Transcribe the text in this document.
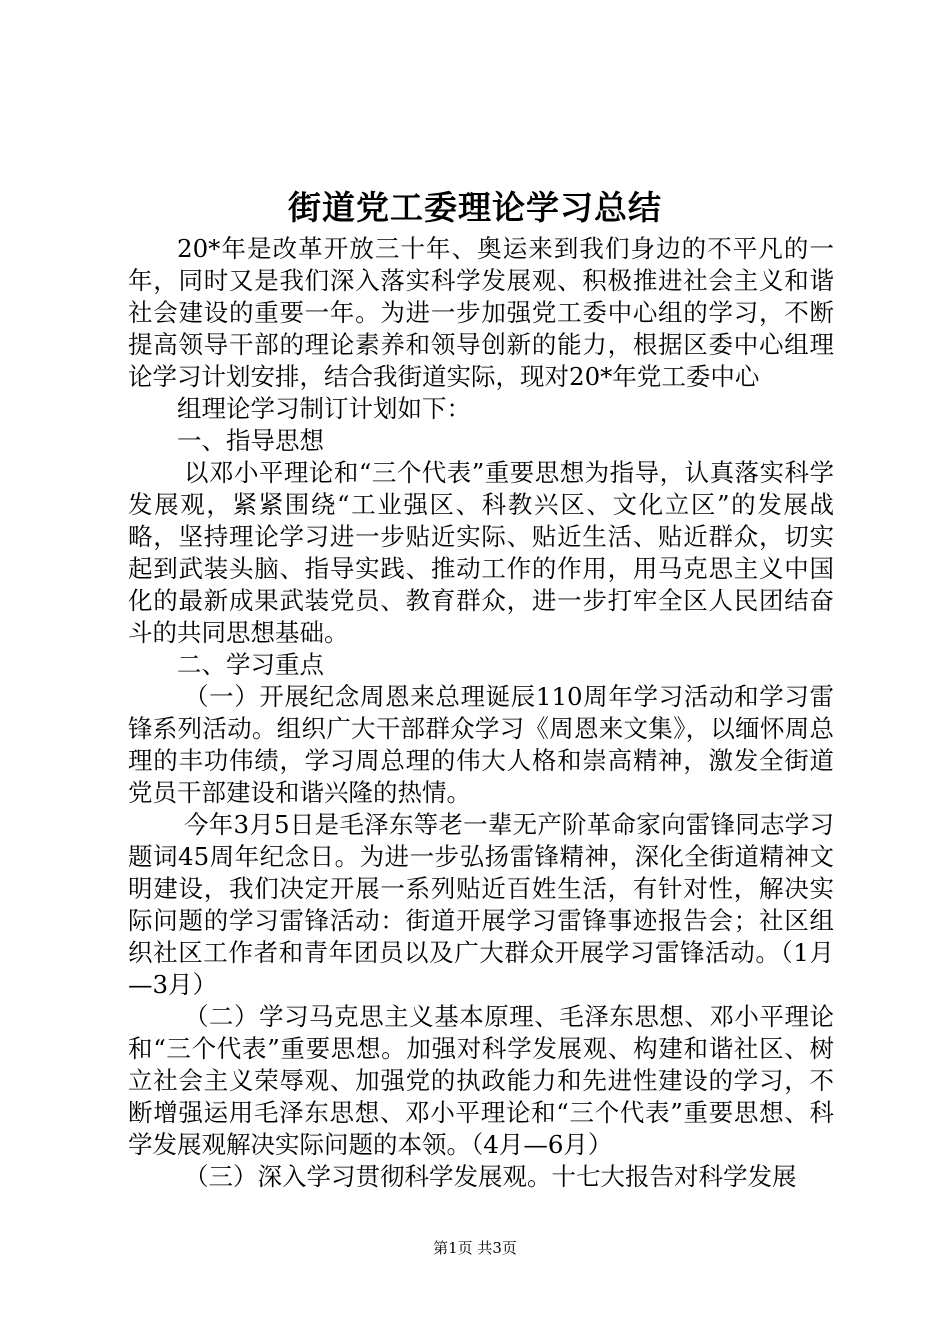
街道党工委理论学习总结

20*年是改革开放三十年、奥运来到我们身边的不平凡的一年，同时又是我们深入落实科学发展观、积极推进社会主义和谐社会建设的重要一年。为进一步加强党工委中心组的学习，不断提高领导干部的理论素养和领导创新的能力，根据区委中心组理论学习计划安排，结合我街道实际，现对20*年党工委中心

组理论学习制订计划如下：

一、指导思想

以邓小平理论和“三个代表”重要思想为指导，认真落实科学发展观，紧紧围绕“工业强区、科教兴区、文化立区”的发展战略，坚持理论学习进一步贴近实际、贴近生活、贴近群众，切实起到武装头脑、指导实践、推动工作的作用，用马克思主义中国化的最新成果武装党员、教育群众，进一步打牢全区人民团结奋斗的共同思想基础。

二、学习重点

（一）开展纪念周恩来总理诞辰110周年学习活动和学习雷锋系列活动。组织广大干部群众学习《周恩来文集》，以缅怀周总理的丰功伟绩，学习周总理的伟大人格和崇高精神，激发全街道党员干部建设和谐兴隆的热情。

今年3月5日是毛泽东等老一辈无产阶革命家向雷锋同志学习题词45周年纪念日。为进一步弘扬雷锋精神，深化全街道精神文明建设，我们决定开展一系列贴近百姓生活，有针对性，解决实际问题的学习雷锋活动：街道开展学习雷锋事迹报告会；社区组织社区工作者和青年团员以及广大群众开展学习雷锋活动。（1月—3月）

（二）学习马克思主义基本原理、毛泽东思想、邓小平理论和“三个代表”重要思想。加强对科学发展观、构建和谐社区、树立社会主义荣辱观、加强党的执政能力和先进性建设的学习，不断增强运用毛泽东思想、邓小平理论和“三个代表”重要思想、科学发展观解决实际问题的本领。（4月—6月）

（三）深入学习贯彻科学发展观。十七大报告对科学发展

第1页 共3页
